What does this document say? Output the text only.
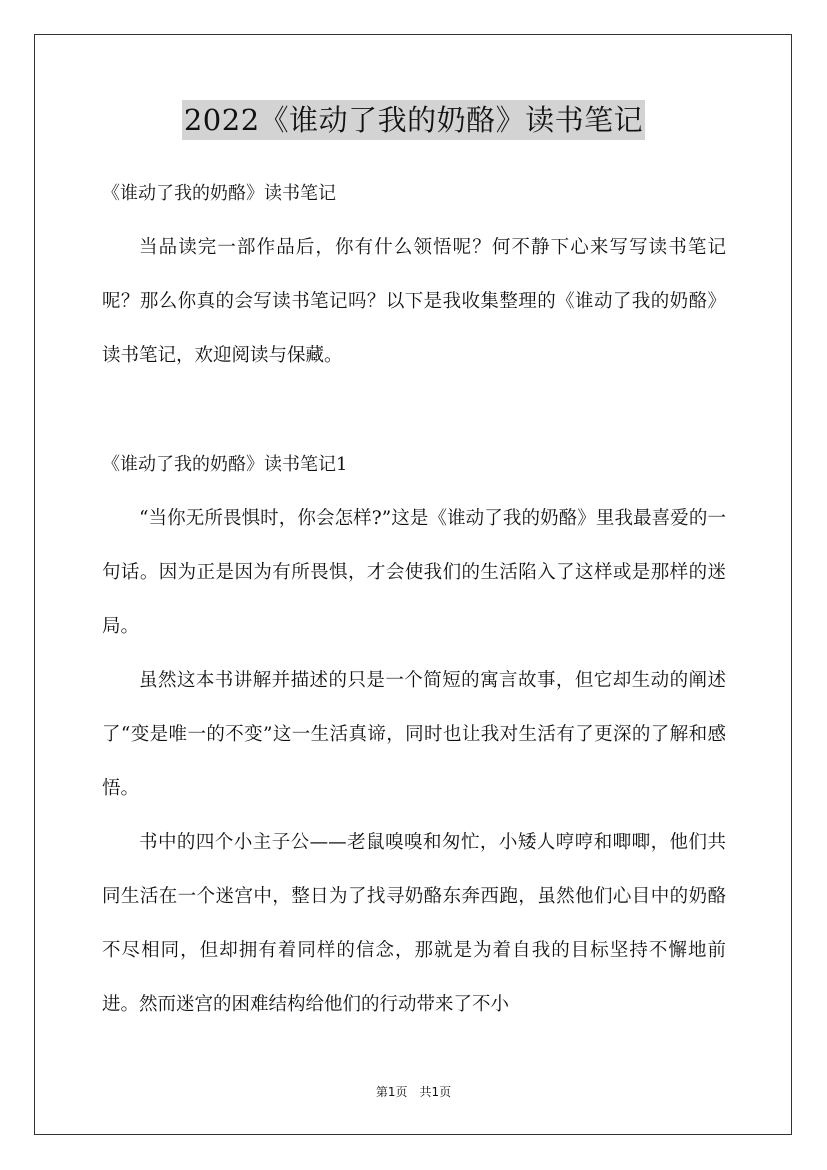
2022《谁动了我的奶酪》读书笔记

《谁动了我的奶酪》读书笔记

当品读完一部作品后，你有什么领悟呢？何不静下心来写写读书笔记呢？那么你真的会写读书笔记吗？以下是我收集整理的《谁动了我的奶酪》读书笔记，欢迎阅读与保藏。

《谁动了我的奶酪》读书笔记1

“当你无所畏惧时，你会怎样?”这是《谁动了我的奶酪》里我最喜爱的一句话。因为正是因为有所畏惧，才会使我们的生活陷入了这样或是那样的迷局。

虽然这本书讲解并描述的只是一个简短的寓言故事，但它却生动的阐述了“变是唯一的不变”这一生活真谛，同时也让我对生活有了更深的了解和感悟。

书中的四个小主子公——老鼠嗅嗅和匆忙，小矮人哼哼和唧唧，他们共同生活在一个迷宫中，整日为了找寻奶酪东奔西跑，虽然他们心目中的奶酪不尽相同，但却拥有着同样的信念，那就是为着自我的目标坚持不懈地前进。然而迷宫的困难结构给他们的行动带来了不小

第1页　共1页
